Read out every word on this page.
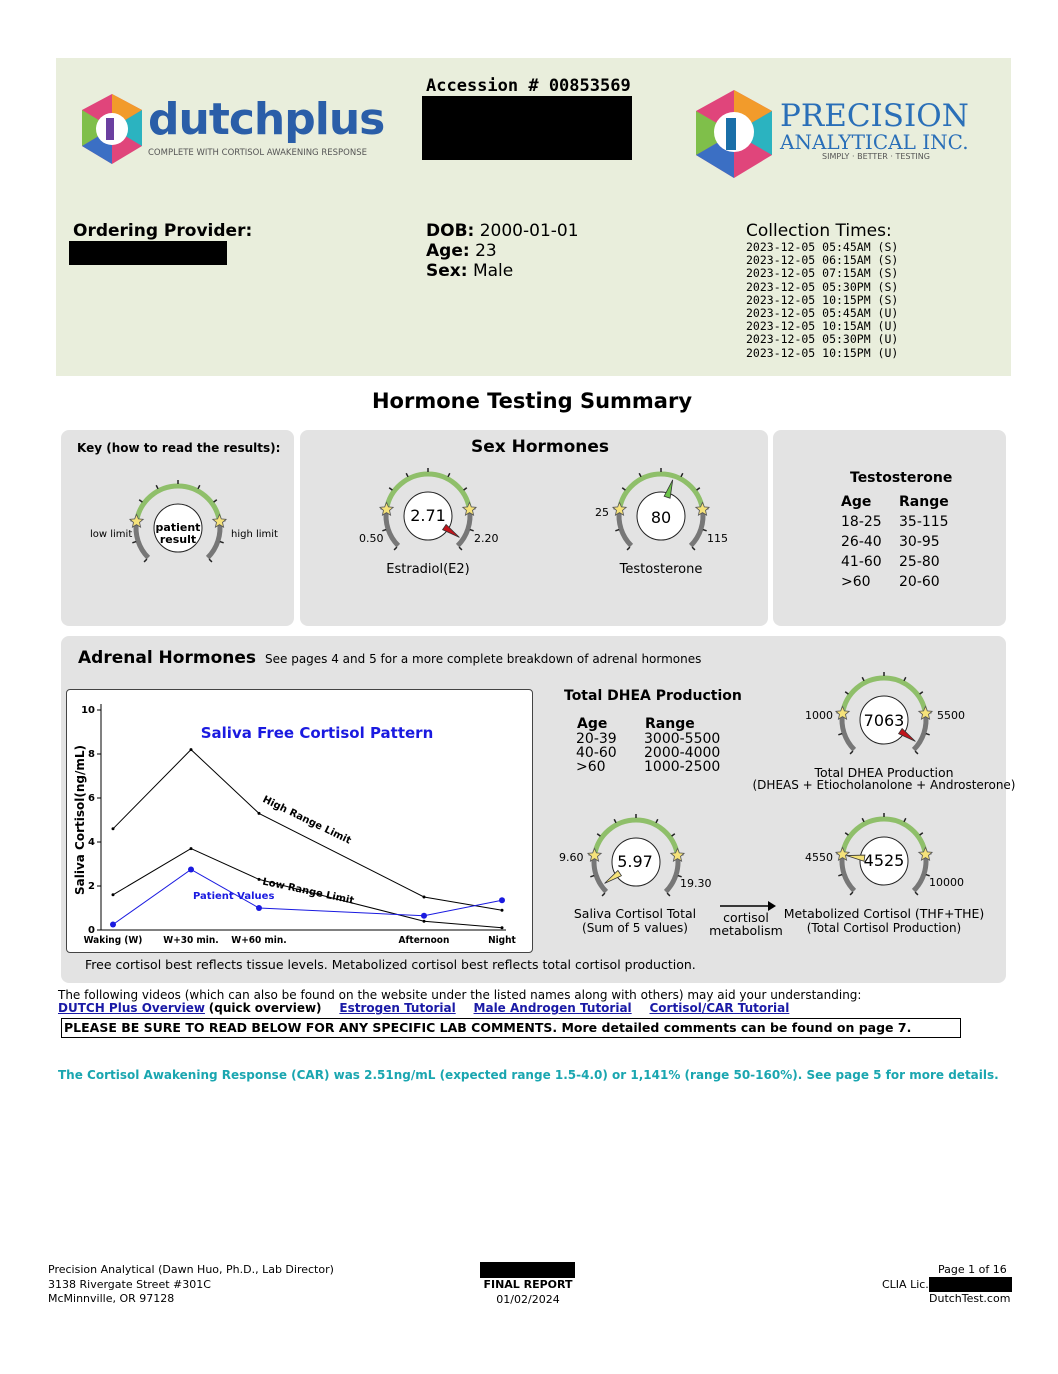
dutchplus
COMPLETE WITH CORTISOL AWAKENING RESPONSE
Accession # 00853569
PRECISION
ANALYTICAL INC.
SIMPLY · BETTER · TESTING
Ordering Provider:	DOB: 2000-01-01
Age: 23
Sex: Male
Collection Times:
2023-12-05 05:45AM (S)
2023-12-05 06:15AM (S)
2023-12-05 07:15AM (S)
2023-12-05 05:30PM (S)
2023-12-05 10:15PM (S)
2023-12-05 05:45AM (U)
2023-12-05 10:15AM (U)
2023-12-05 05:30PM (U)
2023-12-05 10:15PM (U)
Hormone Testing Summary
Key (how to read the results):
low limit	high limit
patient
result
Sex Hormones
2.71
0.50	2.20
Estradiol(E2)
80
25
115
Testosterone
Testosterone
Age	Range
18-25	35-115
26-40	30-95
41-60	25-80
>60	20-60
Adrenal Hormones See pages 4 and 5 for a more complete breakdown of adrenal hormones
0
2
4
6
8
10
Waking (W) W+30 min. W+60 min.	Afternoon	Night
Saliva Cortisol(ng/mL)
Saliva Free Cortisol Pattern
High Range Limit
Low Range Limit
Patient Values
Total DHEA Production
Age	Range
20-39	3000-5500
40-60	2000-4000
>60	1000-2500
7063
1000	5500
Total DHEA Production
(DHEAS + Etiocholanolone + Androsterone)
5.97
9.60
19.30
Saliva Cortisol Total
(Sum of 5 values)
cortisol
metabolism
4525
4550
10000
Metabolized Cortisol (THF+THE)
(Total Cortisol Production)
Free cortisol best reflects tissue levels. Metabolized cortisol best reflects total cortisol production.
The following videos (which can also be found on the website under the listed names along with others) may aid your understanding:
DUTCH Plus Overview (quick overview) Estrogen Tutorial Male Androgen Tutorial Cortisol/CAR Tutorial
PLEASE BE SURE TO READ BELOW FOR ANY SPECIFIC LAB COMMENTS. More detailed comments can be found on page 7.
The Cortisol Awakening Response (CAR) was 2.51ng/mL (expected range 1.5-4.0) or 1,141% (range 50-160%). See page 5 for more details.
Precision Analytical (Dawn Huo, Ph.D., Lab Director)
3138 Rivergate Street #301C
McMinnville, OR 97128
FINAL REPORT
01/02/2024
Page 1 of 16
CLIA Lic.
DutchTest.com
